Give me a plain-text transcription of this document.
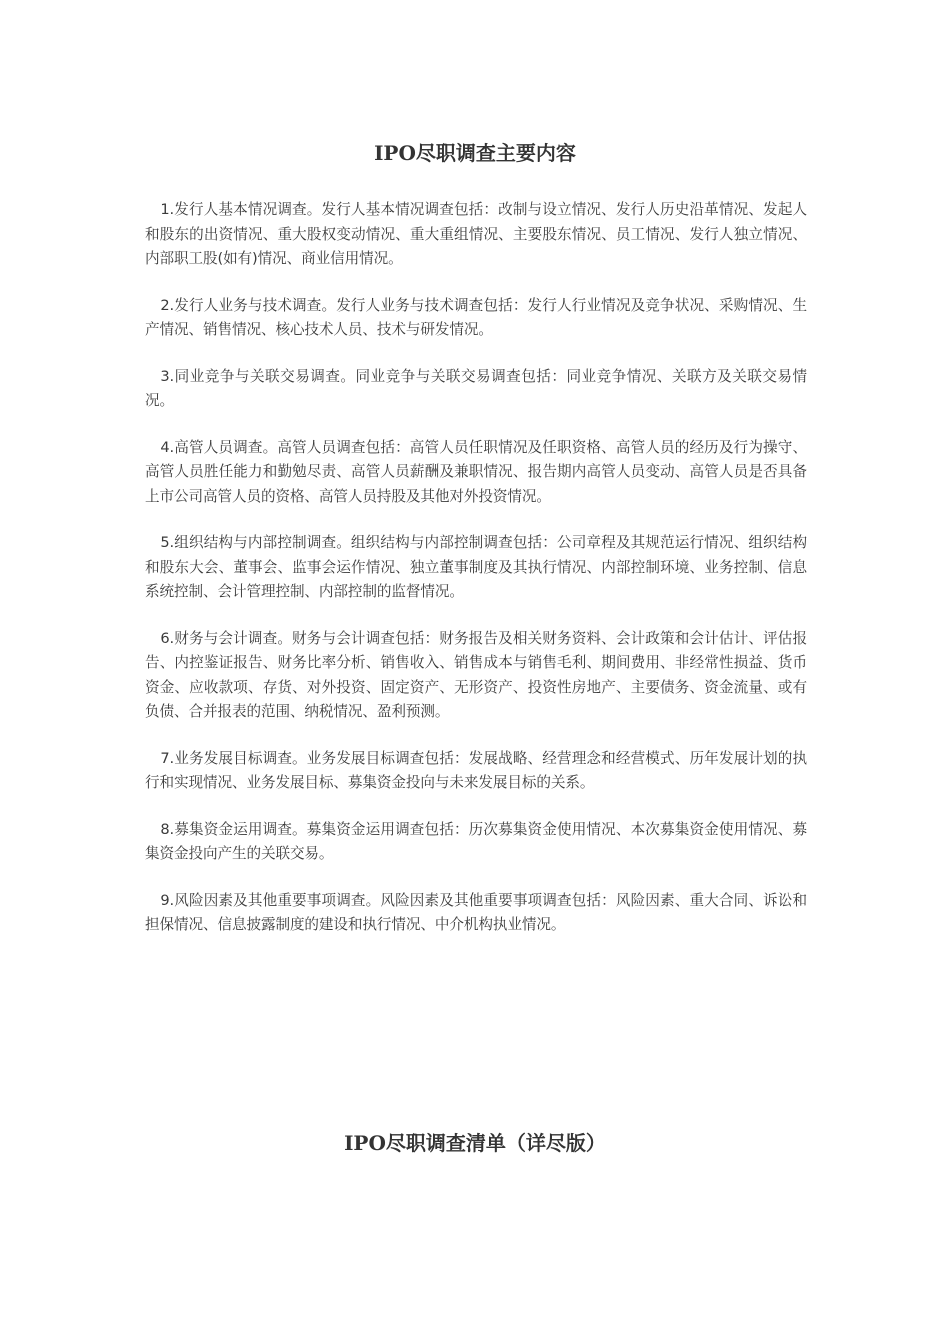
IPO尽职调查主要内容

1.发行人基本情况调查。发行人基本情况调查包括：改制与设立情况、发行人历史沿革情况、发起人和股东的出资情况、重大股权变动情况、重大重组情况、主要股东情况、员工情况、发行人独立情况、内部职工股(如有)情况、商业信用情况。

2.发行人业务与技术调查。发行人业务与技术调查包括：发行人行业情况及竞争状况、采购情况、生产情况、销售情况、核心技术人员、技术与研发情况。

3.同业竞争与关联交易调查。同业竞争与关联交易调查包括：同业竞争情况、关联方及关联交易情况。

4.高管人员调查。高管人员调查包括：高管人员任职情况及任职资格、高管人员的经历及行为操守、高管人员胜任能力和勤勉尽责、高管人员薪酬及兼职情况、报告期内高管人员变动、高管人员是否具备上市公司高管人员的资格、高管人员持股及其他对外投资情况。

5.组织结构与内部控制调查。组织结构与内部控制调查包括：公司章程及其规范运行情况、组织结构和股东大会、董事会、监事会运作情况、独立董事制度及其执行情况、内部控制环境、业务控制、信息系统控制、会计管理控制、内部控制的监督情况。

6.财务与会计调查。财务与会计调查包括：财务报告及相关财务资料、会计政策和会计估计、评估报告、内控鉴证报告、财务比率分析、销售收入、销售成本与销售毛利、期间费用、非经常性损益、货币资金、应收款项、存货、对外投资、固定资产、无形资产、投资性房地产、主要债务、资金流量、或有负债、合并报表的范围、纳税情况、盈利预测。

7.业务发展目标调查。业务发展目标调查包括：发展战略、经营理念和经营模式、历年发展计划的执行和实现情况、业务发展目标、募集资金投向与未来发展目标的关系。

8.募集资金运用调查。募集资金运用调查包括：历次募集资金使用情况、本次募集资金使用情况、募集资金投向产生的关联交易。

9.风险因素及其他重要事项调查。风险因素及其他重要事项调查包括：风险因素、重大合同、诉讼和担保情况、信息披露制度的建设和执行情况、中介机构执业情况。

IPO尽职调查清单（详尽版）
